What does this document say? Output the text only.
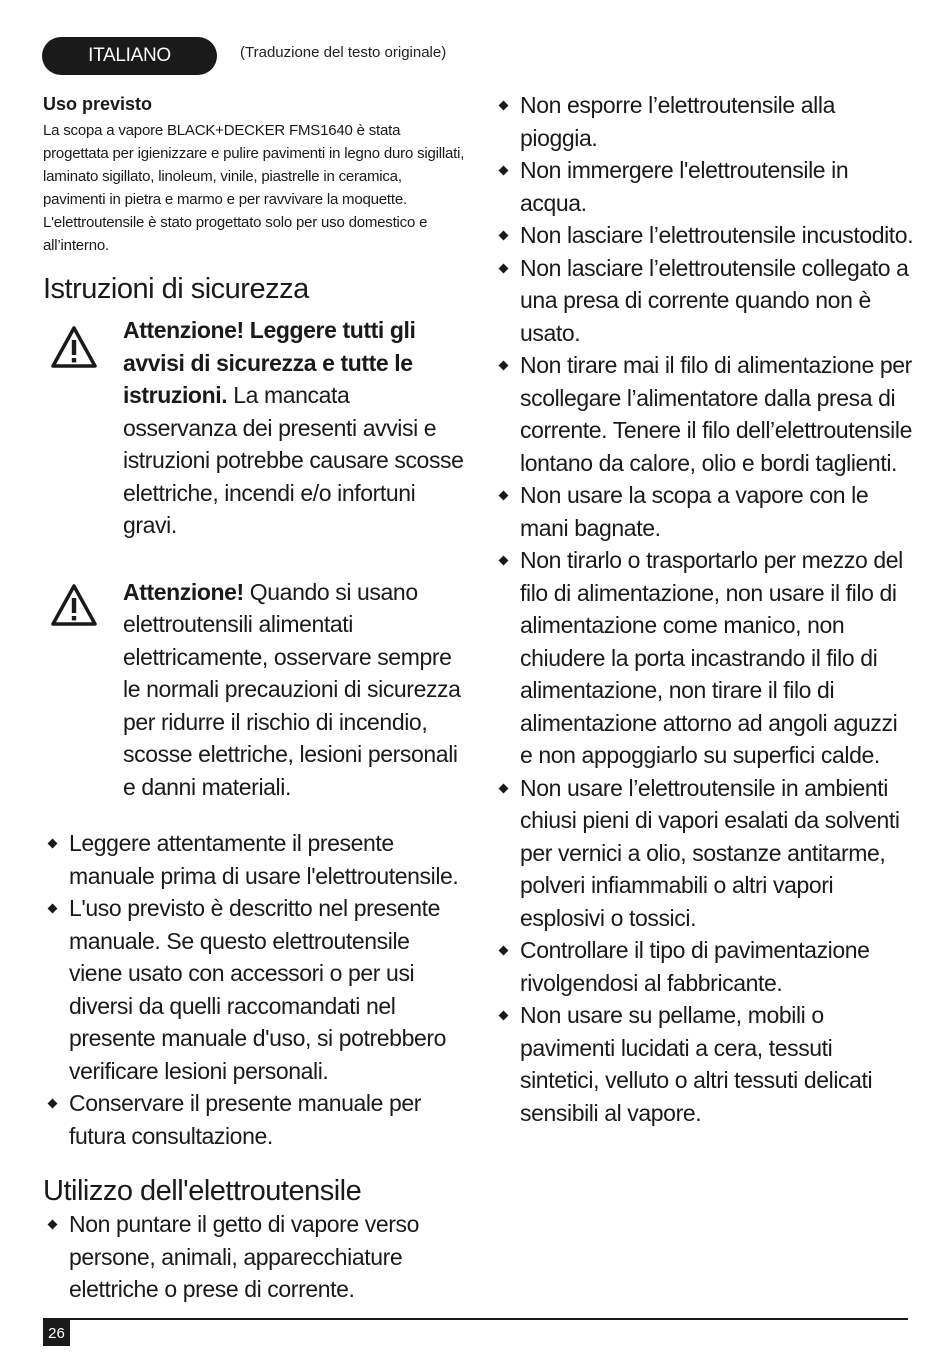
ITALIANO	(Traduzione del testo originale)
Uso previsto

La scopa a vapore BLACK+DECKER FMS1640 è stata progettata per igienizzare e pulire pavimenti in legno duro sigillati, laminato sigillato, linoleum, vinile, piastrelle in ceramica, pavimenti in pietra e marmo e per ravvivare la moquette. L'elettroutensile è stato progettato solo per uso domestico e all’interno.

Istruzioni di sicurezza

Attenzione! Leggere tutti gli avvisi di sicurezza e tutte le istruzioni. La mancata osservanza dei presenti avvisi e istruzioni potrebbe causare scosse elettriche, incendi e/o infortuni gravi.

Attenzione! Quando si usano elettroutensili alimentati elettricamente, osservare sempre le normali precauzioni di sicurezza per ridurre il rischio di incendio, scosse elettriche, lesioni personali e danni materiali.

Leggere attentamente il presente manuale prima di usare l'elettroutensile.
L'uso previsto è descritto nel presente manuale. Se questo elettroutensile viene usato con accessori o per usi diversi da quelli raccomandati nel presente manuale d'uso, si potrebbero verificare lesioni personali.
Conservare il presente manuale per futura consultazione.
Utilizzo dell'elettroutensile
Non puntare il getto di vapore verso persone, animali, apparecchiature elettriche o prese di corrente.
Non esporre l’elettroutensile alla pioggia.
Non immergere l'elettroutensile in acqua.
Non lasciare l’elettroutensile incustodito.
Non lasciare l’elettroutensile collegato a una presa di corrente quando non è usato.
Non tirare mai il filo di alimentazione per scollegare l’alimentatore dalla presa di corrente. Tenere il filo dell’elettroutensile lontano da calore, olio e bordi taglienti.
Non usare la scopa a vapore con le mani bagnate.
Non tirarlo o trasportarlo per mezzo del filo di alimentazione, non usare il filo di alimentazione come manico, non chiudere la porta incastrando il filo di alimentazione, non tirare il filo di alimentazione attorno ad angoli aguzzi e non appoggiarlo su superfici calde.
Non usare l’elettroutensile in ambienti chiusi pieni di vapori esalati da solventi per vernici a olio, sostanze antitarme, polveri infiammabili o altri vapori esplosivi o tossici.
Controllare il tipo di pavimentazione rivolgendosi al fabbricante.
Non usare su pellame, mobili o pavimenti lucidati a cera, tessuti sintetici, velluto o altri tessuti delicati sensibili al vapore.
26
